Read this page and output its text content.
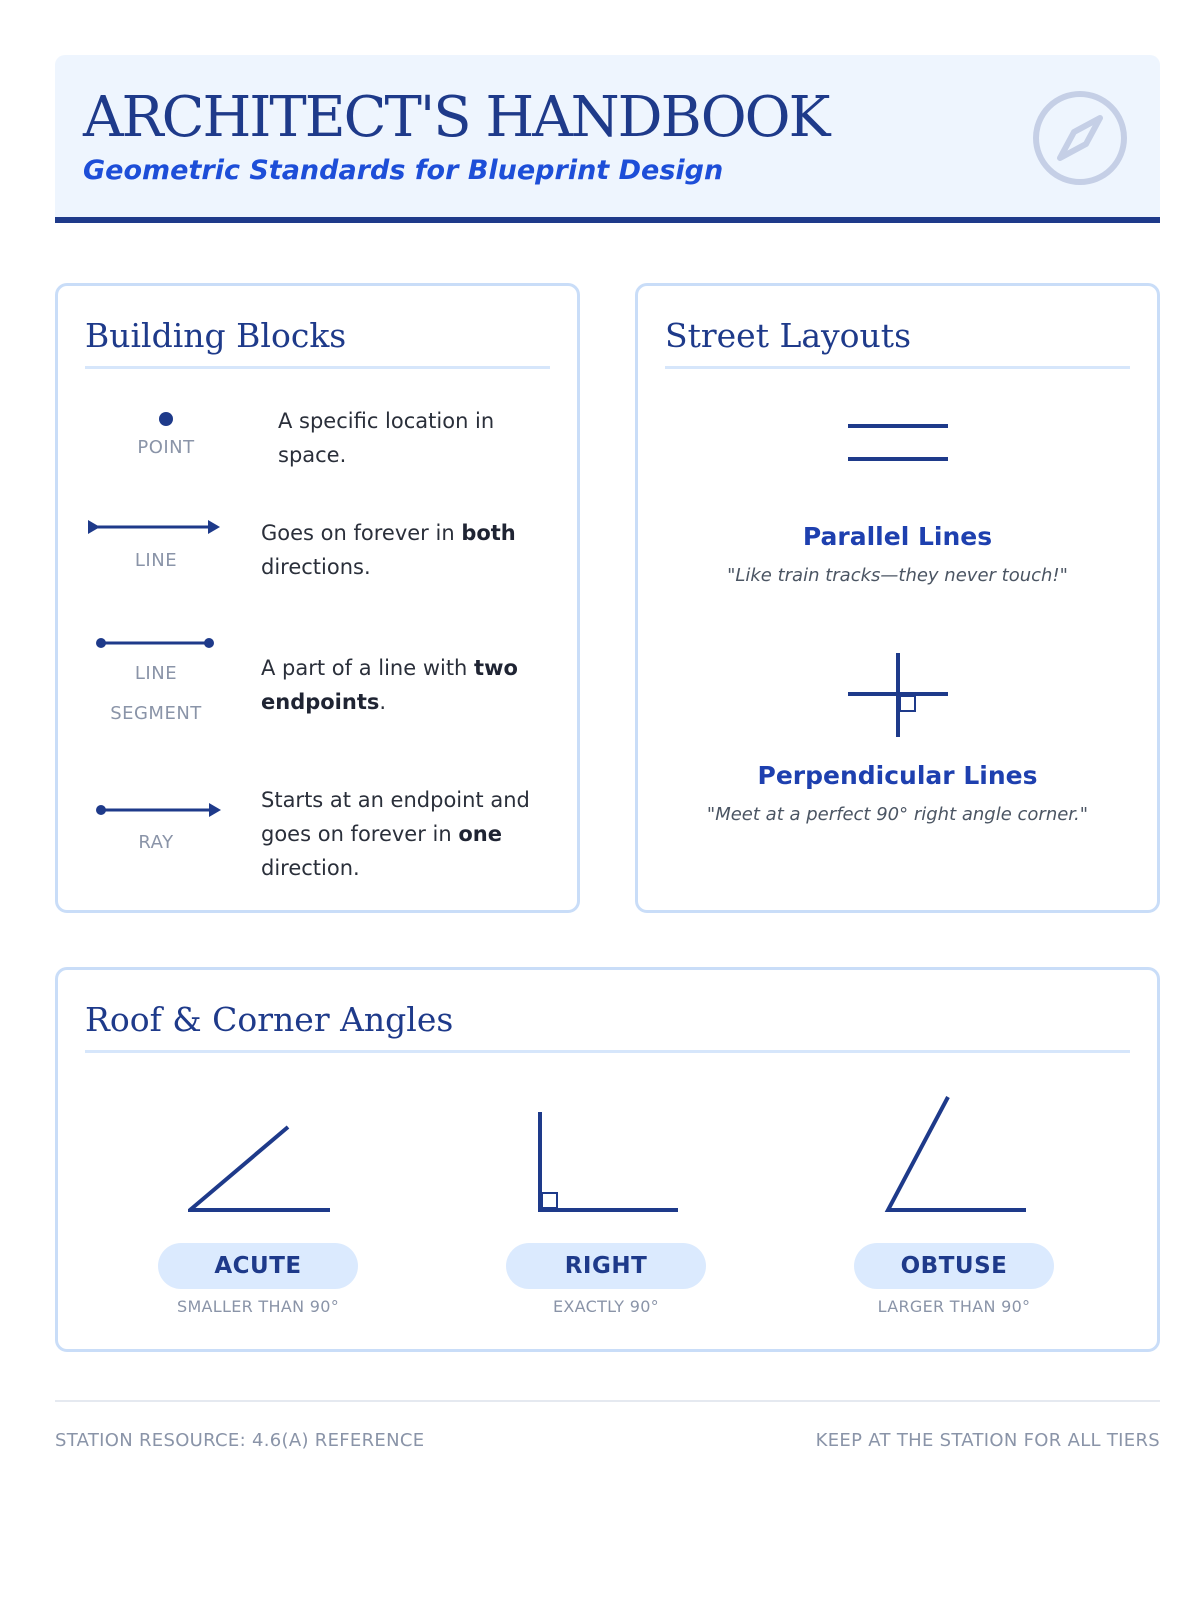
ARCHITECT'S HANDBOOK

Geometric Standards for Blueprint Design

Building Blocks
POINT
A specific location in space.
LINE
Goes on forever in both directions.
LINE SEGMENT
A part of a line with two endpoints.
RAY
Starts at an endpoint and goes on forever in one direction.
Street Layouts
Parallel Lines
"Like train tracks—they never touch!"
Perpendicular Lines
"Meet at a perfect 90° right angle corner."
Roof & Corner Angles
ACUTE
SMALLER THAN 90°
RIGHT
EXACTLY 90°
OBTUSE
LARGER THAN 90°
STATION RESOURCE: 4.6(A) REFERENCE	KEEP AT THE STATION FOR ALL TIERS
